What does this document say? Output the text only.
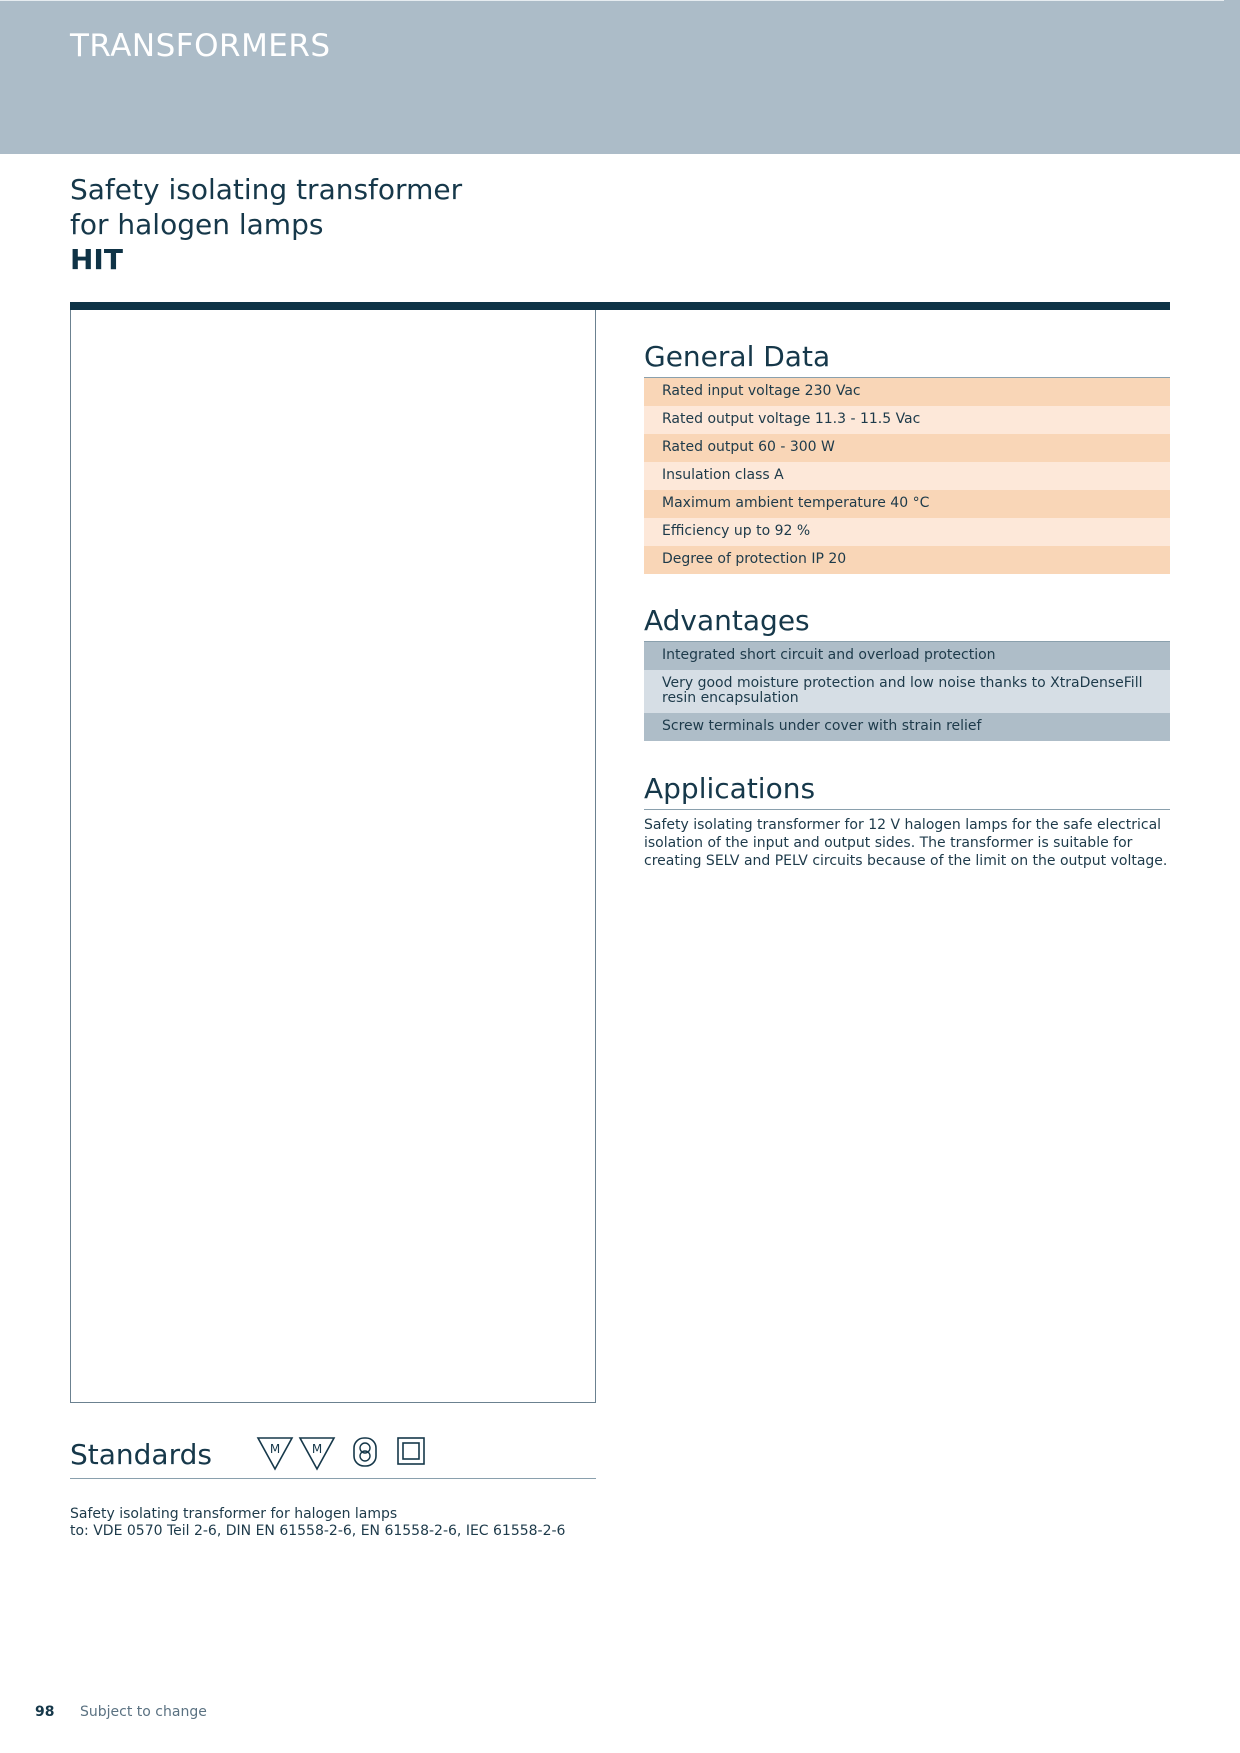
TRANSFORMERS
Safety isolating transformer
for halogen lamps
HIT
General Data
Rated input voltage 230 Vac
Rated output voltage 11.3 - 11.5 Vac
Rated output 60 - 300 W
Insulation class A
Maximum ambient temperature 40 °C
Efficiency up to 92 %
Degree of protection IP 20
Advantages
Integrated short circuit and overload protection
Very good moisture protection and low noise thanks to XtraDenseFill resin encapsulation
Screw terminals under cover with strain relief
Applications
Safety isolating transformer for 12 V halogen lamps for the safe electrical isolation of the input and output sides. The transformer is suitable for creating SELV and PELV circuits because of the limit on the output voltage.
Standards	M	M
Safety isolating transformer for halogen lamps
to: VDE 0570 Teil 2-6, DIN EN 61558-2-6, EN 61558-2-6, IEC 61558-2-6
98 Subject to change
